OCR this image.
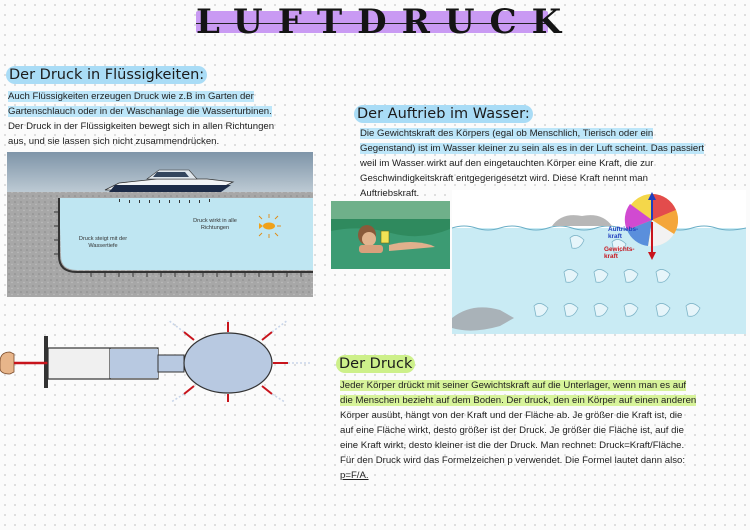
LUFTDRUCK
Der Druck in Flüssigkeiten:
Auch Flüssigkeiten erzeugen Druck wie z.B im Garten der
Gartenschlauch oder in der Waschanlage die Wasserturbinen.
Der Druck in der Flüssigkeiten bewegt sich in allen Richtungen
aus, und sie lassen sich nicht zusammendrücken.
Druck wirkt in alle Richtungen
Druck steigt mit der Wassertiefe
Der Auftrieb im Wasser:
Die Gewichtskraft des Körpers (egal ob Menschlich, Tierisch oder ein
Gegenstand) ist im Wasser kleiner zu sein als es in der Luft scheint. Das passiert
weil im Wasser wirkt auf den eingetauchten Körper eine Kraft, die zur
Geschwindigkeitskraft entgegengesetzt wird. Diese Kraft nennt man
Auftriebskraft.
Auftriebs-kraft
Gewichts-kraft
Der Druck
Jeder Körper drückt mit seiner Gewichtskraft auf die Unterlager, wenn man es auf
die Menschen bezieht auf dem Boden. Der druck, den ein Körper auf einen anderen
Körper ausübt, hängt von der Kraft und der Fläche ab. Je größer die Kraft ist, die
auf eine Fläche wirkt, desto größer ist der Druck. Je größer die Fläche ist, auf die
eine Kraft wirkt, desto kleiner ist die der Druck. Man rechnet: Druck=Kraft/Fläche.
Für den Druck wird das Formelzeichen p verwendet. Die Formel lautet dann also:
p=F/A.
